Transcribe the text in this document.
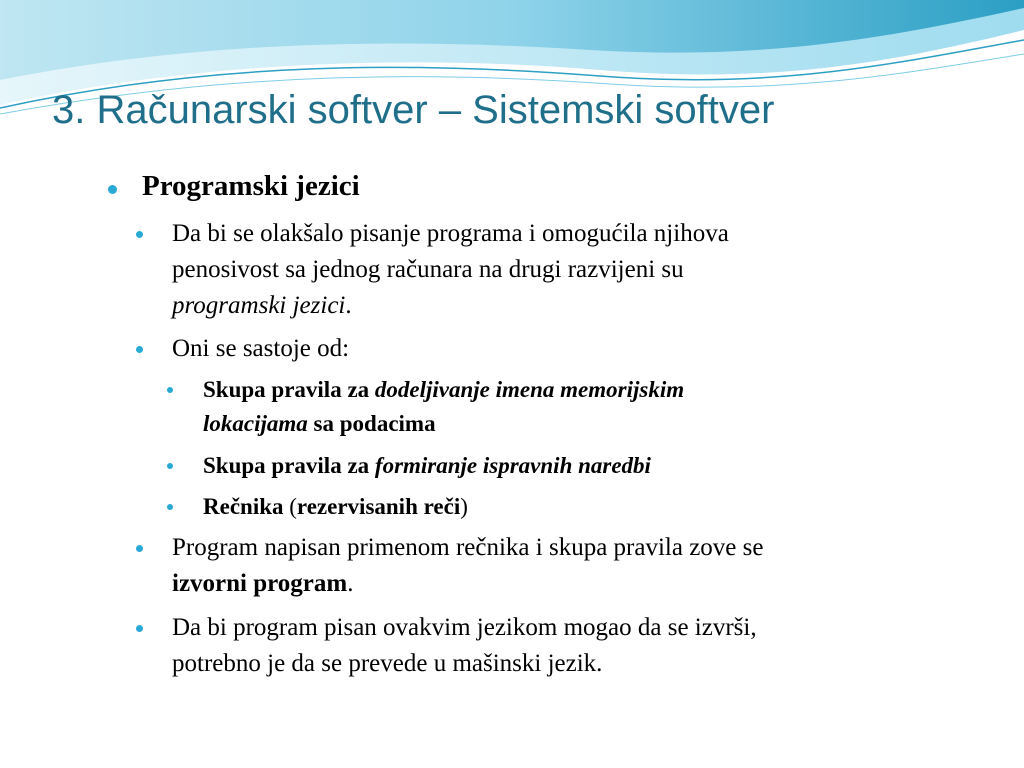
3. Računarski softver – Sistemski softver
Programski jezici
Da bi se olakšalo pisanje programa i omogućila njihova
penosivost sa jednog računara na drugi razvijeni su
programski jezici.
Oni se sastoje od:
Skupa pravila za dodeljivanje imena memorijskim
lokacijama sa podacima
Skupa pravila za formiranje ispravnih naredbi
Rečnika (rezervisanih reči)
Program napisan primenom rečnika i skupa pravila zove se
izvorni program.
Da bi program pisan ovakvim jezikom mogao da se izvrši,
potrebno je da se prevede u mašinski jezik.
